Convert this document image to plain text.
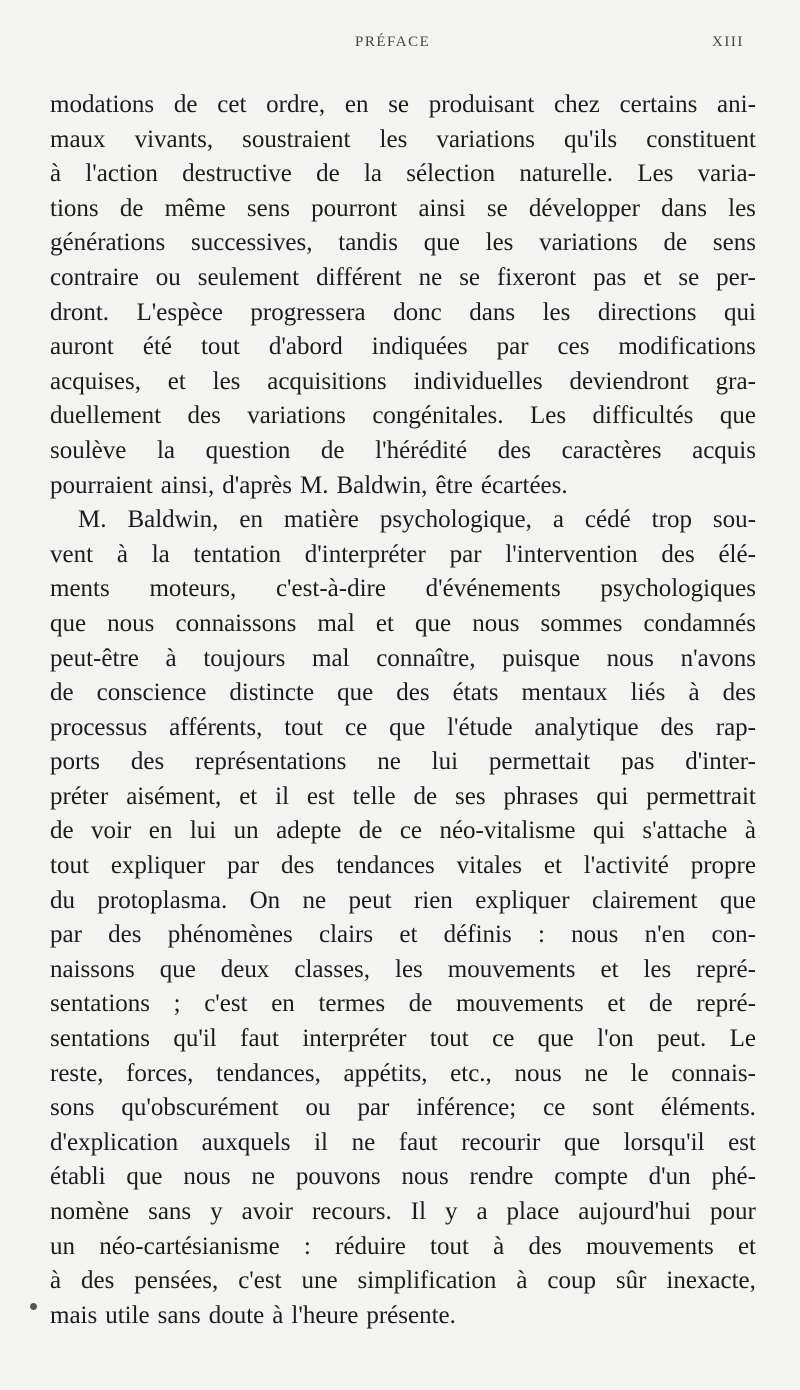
PRÉFACE	XIII
modations de cet ordre, en se produisant chez certains ani-
maux vivants, soustraient les variations qu'ils constituent
à l'action destructive de la sélection naturelle. Les varia-
tions de même sens pourront ainsi se développer dans les
générations successives, tandis que les variations de sens
contraire ou seulement différent ne se fixeront pas et se per-
dront. L'espèce progressera donc dans les directions qui
auront été tout d'abord indiquées par ces modifications
acquises, et les acquisitions individuelles deviendront gra-
duellement des variations congénitales. Les difficultés que
soulève la question de l'hérédité des caractères acquis
pourraient ainsi, d'après M. Baldwin, être écartées.
M. Baldwin, en matière psychologique, a cédé trop sou-
vent à la tentation d'interpréter par l'intervention des élé-
ments moteurs, c'est-à-dire d'événements psychologiques
que nous connaissons mal et que nous sommes condamnés
peut-être à toujours mal connaître, puisque nous n'avons
de conscience distincte que des états mentaux liés à des
processus afférents, tout ce que l'étude analytique des rap-
ports des représentations ne lui permettait pas d'inter-
préter aisément, et il est telle de ses phrases qui permettrait
de voir en lui un adepte de ce néo-vitalisme qui s'attache à
tout expliquer par des tendances vitales et l'activité propre
du protoplasma. On ne peut rien expliquer clairement que
par des phénomènes clairs et définis : nous n'en con-
naissons que deux classes, les mouvements et les repré-
sentations ; c'est en termes de mouvements et de repré-
sentations qu'il faut interpréter tout ce que l'on peut. Le
reste, forces, tendances, appétits, etc., nous ne le connais-
sons qu'obscurément ou par inférence; ce sont éléments.
d'explication auxquels il ne faut recourir que lorsqu'il est
établi que nous ne pouvons nous rendre compte d'un phé-
nomène sans y avoir recours. Il y a place aujourd'hui pour
un néo-cartésianisme : réduire tout à des mouvements et
à des pensées, c'est une simplification à coup sûr inexacte,
mais utile sans doute à l'heure présente.
